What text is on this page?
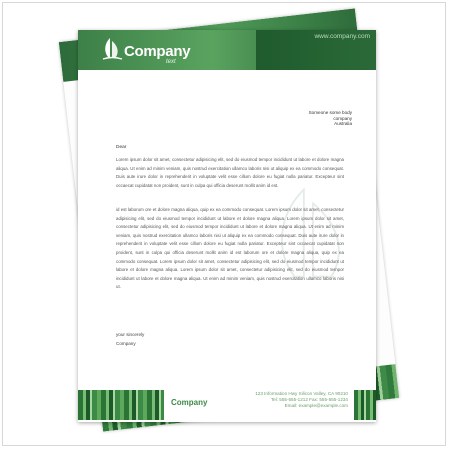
Company
text
www.company.com
Someone some body
company
Australia
Dear
Lorem ipsum dolor sit amet, consectetur adipisicing elit, sed do eiusmod tempor incididunt ut labore et dolore magna aliqua. Ut enim ad minim veniam, quis nostrud exercitation ullamco laboris nisi ut aliquip ex ea commodo consequat. Duis aute irure dolor in reprehenderit in voluptate velit esse cillum dolore eu fugiat nulla pariatur. Excepteur sint occaecat cupidatat non proident, sunt in culpa qui officia deserunt mollit anim id est.
id est laborum ore et dolore magna aliqua, quip ex ea commodo consequat. Lorem ipsum dolor sit amet, consectetur adipisicing elit, sed do eiusmod tempor incididunt ut labore et dolore magna aliqua. Lorem ipsum dolor sit amet, consectetur adipisicing elit, sed do eiusmod tempor incididunt ut labore et dolore magna aliqua. Ut enim ad minim veniam, quis nostrud exercitation ullamco laboris nisi ut aliquip ex ea commodo consequat. Duis aute irure dolor in reprehenderit in voluptate velit esse cillum dolore eu fugiat nulla pariatur. Excepteur sint occaecat cupidatat non proident, sunt in culpa qui officia deserunt mollit anim id est laborum ore et dolore magna aliqua, quip ex ea commodo consequat. Lorem ipsum dolor sit amet, consectetur adipisicing elit, sed do eiusmod tempor incididunt ut labore et dolore magna aliqua. Lorem ipsum dolor sit amet, consectetur adipisicing elit, sed do eiusmod tempor incididunt ut labore et dolore magna aliqua. Ut enim ad minim veniam, quis nostrud exercitation ullamco laboris nisi ut.
your sincerely
Company
Company
123 Information Hwy Silicon Valley, CA 90210
Tel: 555-555-1212 Fax: 555-555-1234
Email: example@example.com
